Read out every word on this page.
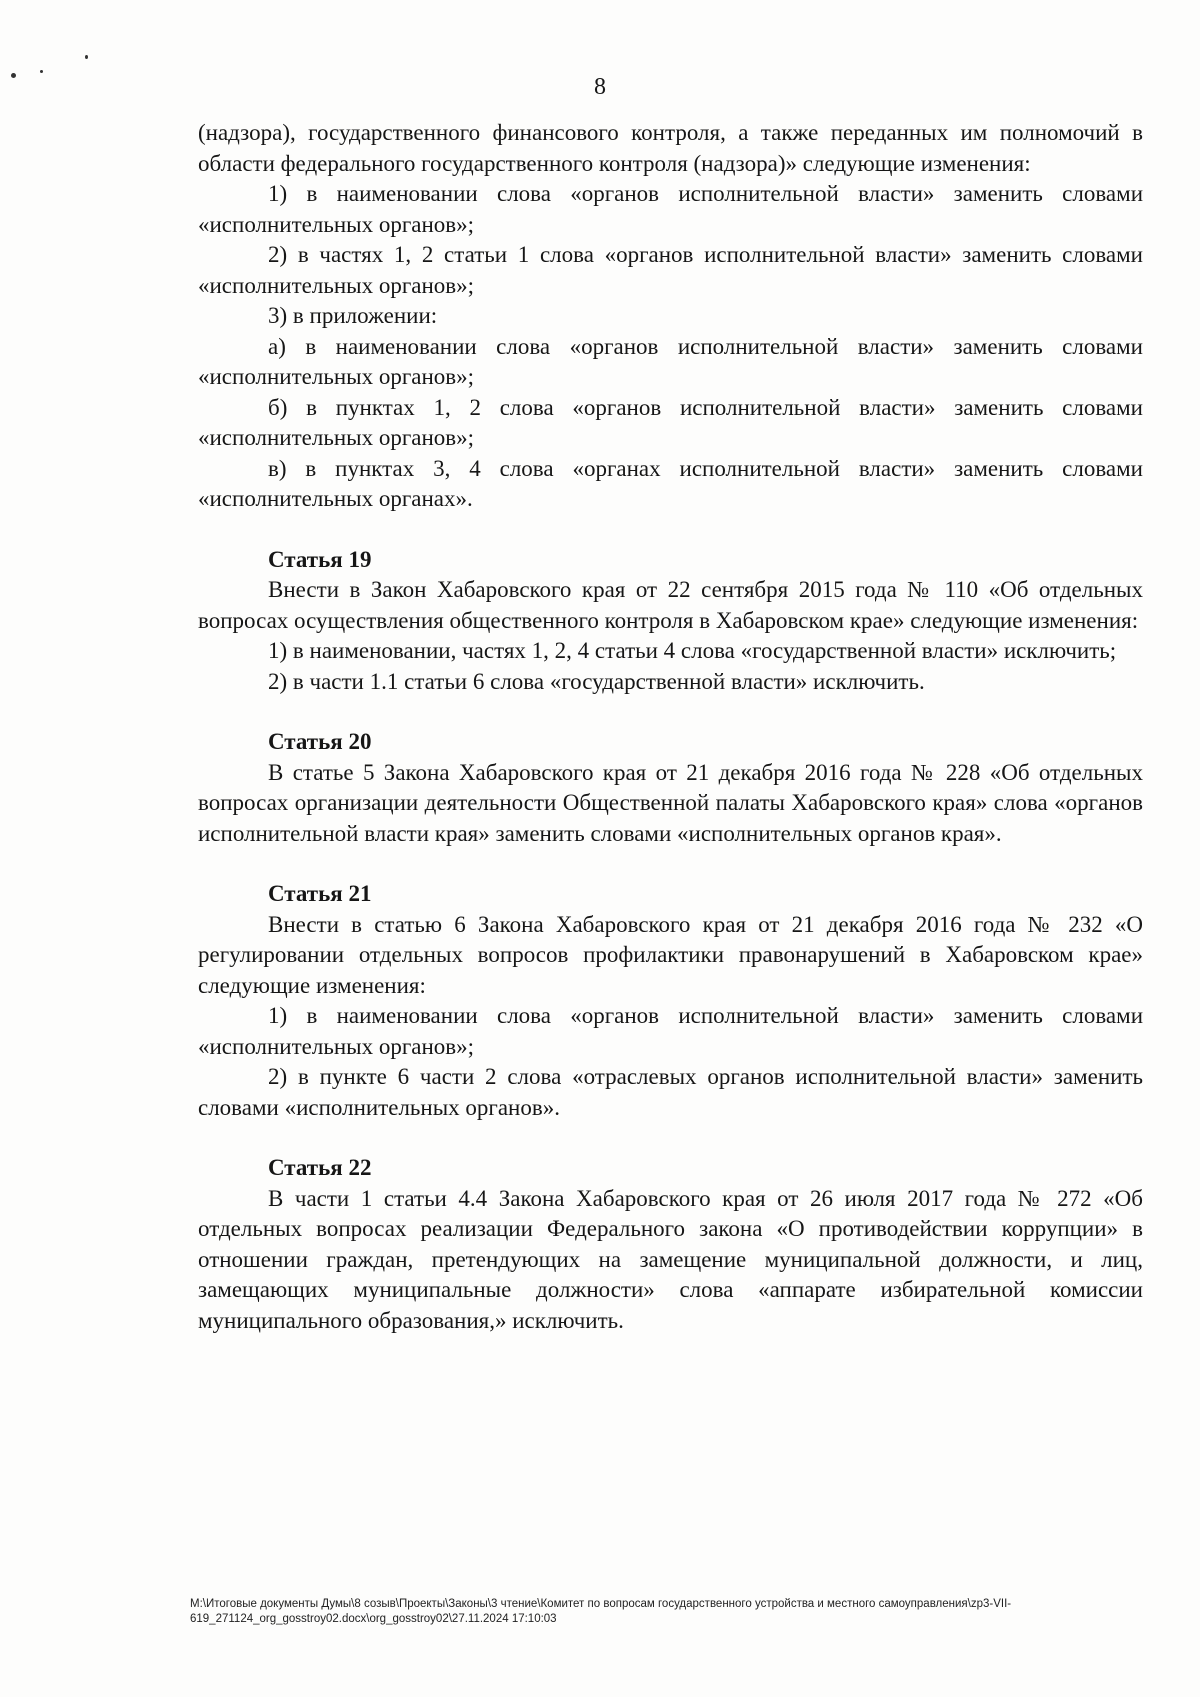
8

(надзора), государственного финансового контроля, а также переданных им полномочий в области федерального государственного контроля (надзора)» следующие изменения:

1) в наименовании слова «органов исполнительной власти» заменить словами «исполнительных органов»;

2) в частях 1, 2 статьи 1 слова «органов исполнительной власти» заменить словами «исполнительных органов»;

3) в приложении:

а) в наименовании слова «органов исполнительной власти» заменить словами «исполнительных органов»;

б) в пунктах 1, 2 слова «органов исполнительной власти» заменить словами «исполнительных органов»;

в) в пунктах 3, 4 слова «органах исполнительной власти» заменить словами «исполнительных органах».

Статья 19

Внести в Закон Хабаровского края от 22 сентября 2015 года № 110 «Об отдельных вопросах осуществления общественного контроля в Хабаровском крае» следующие изменения:

1) в наименовании, частях 1, 2, 4 статьи 4 слова «государственной власти» исключить;

2) в части 1.1 статьи 6 слова «государственной власти» исключить.

Статья 20

В статье 5 Закона Хабаровского края от 21 декабря 2016 года № 228 «Об отдельных вопросах организации деятельности Общественной палаты Хабаровского края» слова «органов исполнительной власти края» заменить словами «исполнительных органов края».

Статья 21

Внести в статью 6 Закона Хабаровского края от 21 декабря 2016 года № 232 «О регулировании отдельных вопросов профилактики правонарушений в Хабаровском крае» следующие изменения:

1) в наименовании слова «органов исполнительной власти» заменить словами «исполнительных органов»;

2) в пункте 6 части 2 слова «отраслевых органов исполнительной власти» заменить словами «исполнительных органов».

Статья 22

В части 1 статьи 4.4 Закона Хабаровского края от 26 июля 2017 года № 272 «Об отдельных вопросах реализации Федерального закона «О противодействии коррупции» в отношении граждан, претендующих на замещение муниципальной должности, и лиц, замещающих муниципальные должности» слова «аппарате избирательной комиссии муниципального образования,» исключить.

М:\Итоговые документы Думы\8 созыв\Проекты\Законы\3 чтение\Комитет по вопросам государственного устройства и местного самоуправления\zp3-VII-
619_271124_org_gosstroy02.docx\org_gosstroy02\27.11.2024 17:10:03
